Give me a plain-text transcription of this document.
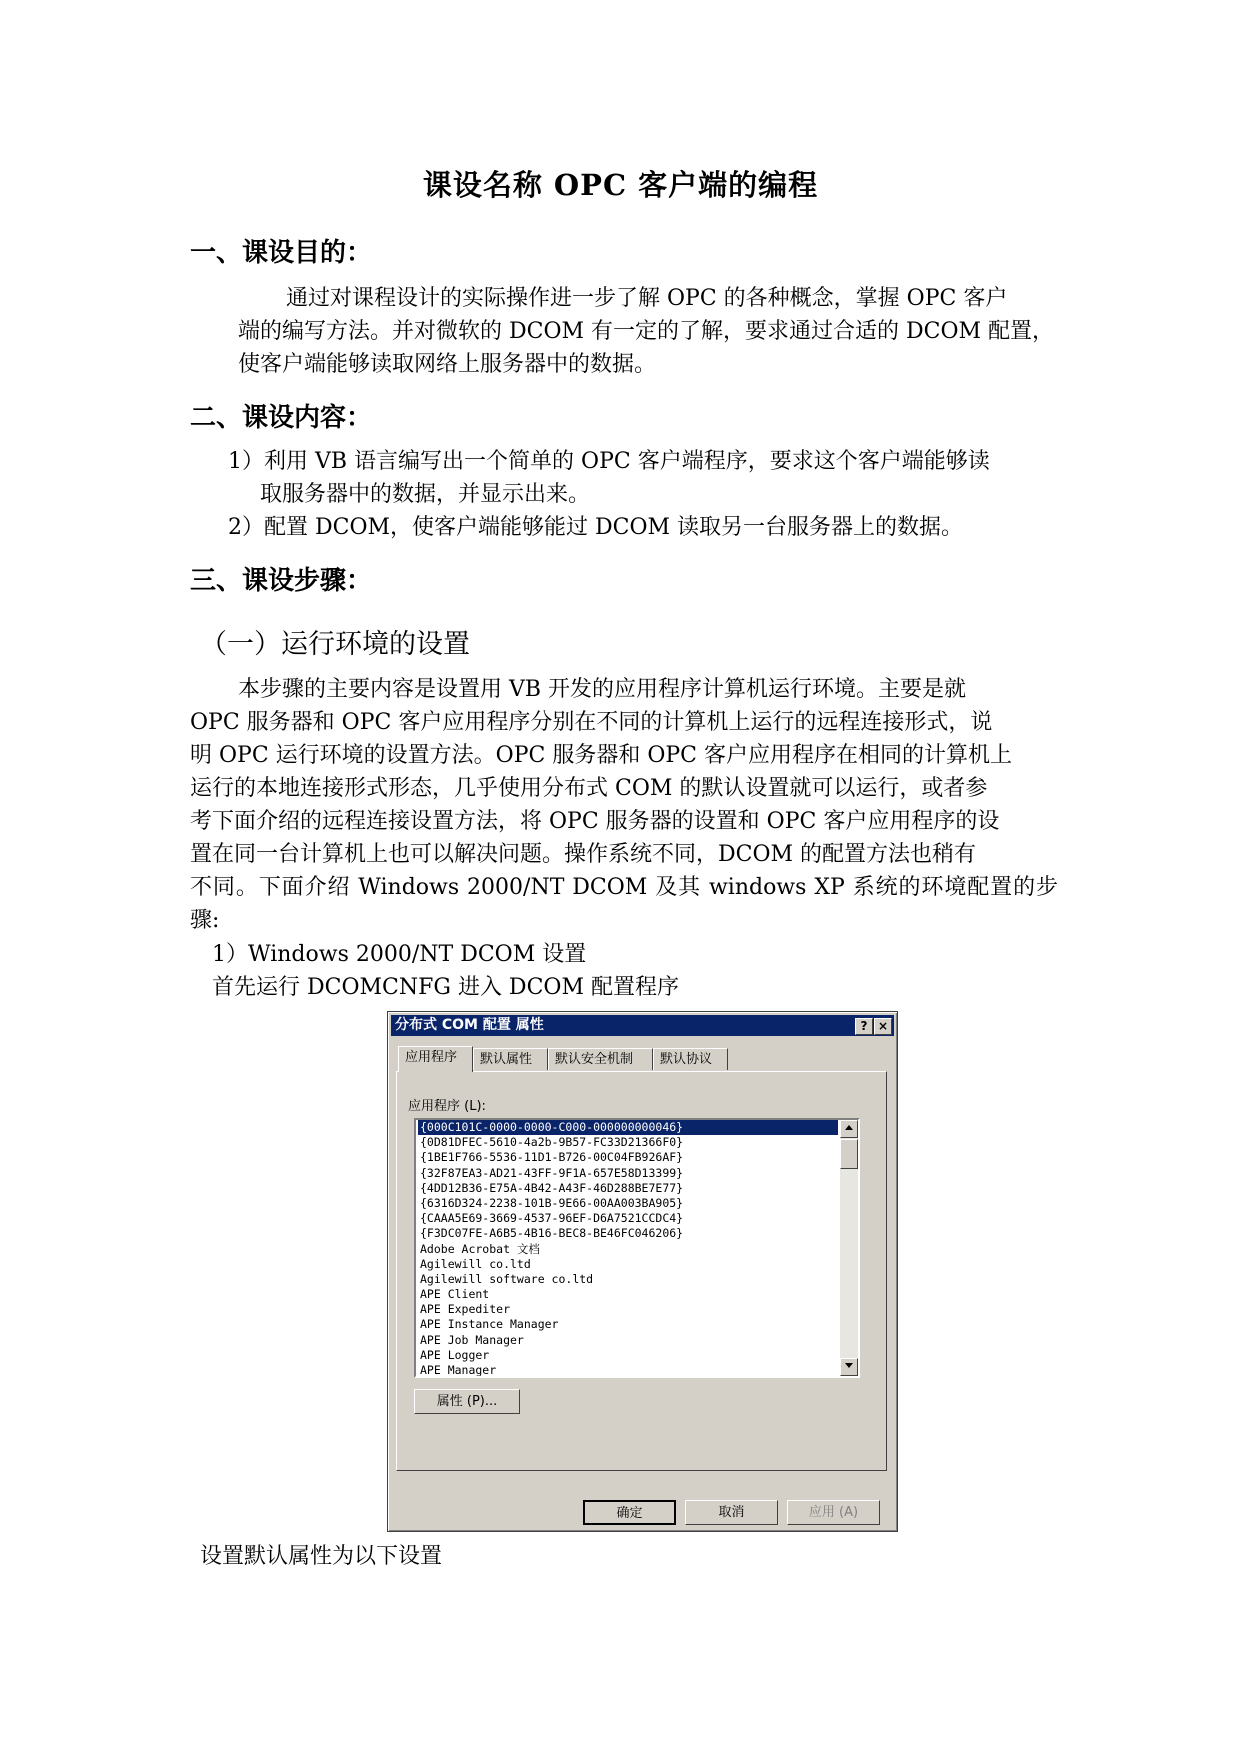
课设名称 OPC 客户端的编程
一、课设目的：
通过对课程设计的实际操作进一步了解 OPC 的各种概念，掌握 OPC 客户
端的编写方法。并对微软的 DCOM 有一定的了解，要求通过合适的 DCOM 配置，
使客户端能够读取网络上服务器中的数据。
二、课设内容：
1）利用 VB 语言编写出一个简单的 OPC 客户端程序，要求这个客户端能够读
取服务器中的数据，并显示出来。
2）配置 DCOM，使客户端能够能过 DCOM 读取另一台服务器上的数据。
三、课设步骤：
（一）运行环境的设置
本步骤的主要内容是设置用 VB 开发的应用程序计算机运行环境。主要是就
OPC 服务器和 OPC 客户应用程序分别在不同的计算机上运行的远程连接形式，说
明 OPC 运行环境的设置方法。OPC 服务器和 OPC 客户应用程序在相同的计算机上
运行的本地连接形式形态，几乎使用分布式 COM 的默认设置就可以运行，或者参
考下面介绍的远程连接设置方法，将 OPC 服务器的设置和 OPC 客户应用程序的设
置在同一台计算机上也可以解决问题。操作系统不同，DCOM 的配置方法也稍有
不同。下面介绍 Windows 2000/NT DCOM 及其 windows XP 系统的环境配置的步骤:
1）Windows 2000/NT DCOM 设置
首先运行 DCOMCNFG 进入 DCOM 配置程序
分布式 COM 配置 属性	? ×
应用程序	默认属性	默认安全机制	默认协议
应用程序 (L):
{000C101C-0000-0000-C000-000000000046}
{0D81DFEC-5610-4a2b-9B57-FC33D21366F0}
{1BE1F766-5536-11D1-B726-00C04FB926AF}
{32F87EA3-AD21-43FF-9F1A-657E58D13399}
{4DD12B36-E75A-4B42-A43F-46D288BE7E77}
{6316D324-2238-101B-9E66-00AA003BA905}
{CAAA5E69-3669-4537-96EF-D6A7521CCDC4}
{F3DC07FE-A6B5-4B16-BEC8-BE46FC046206}
Adobe Acrobat 文档
Agilewill co.ltd
Agilewill software co.ltd
APE Client
APE Expediter
APE Instance Manager
APE Job Manager
APE Logger
APE Manager
属性 (P)...
确定	取消	应用 (A)
设置默认属性为以下设置
